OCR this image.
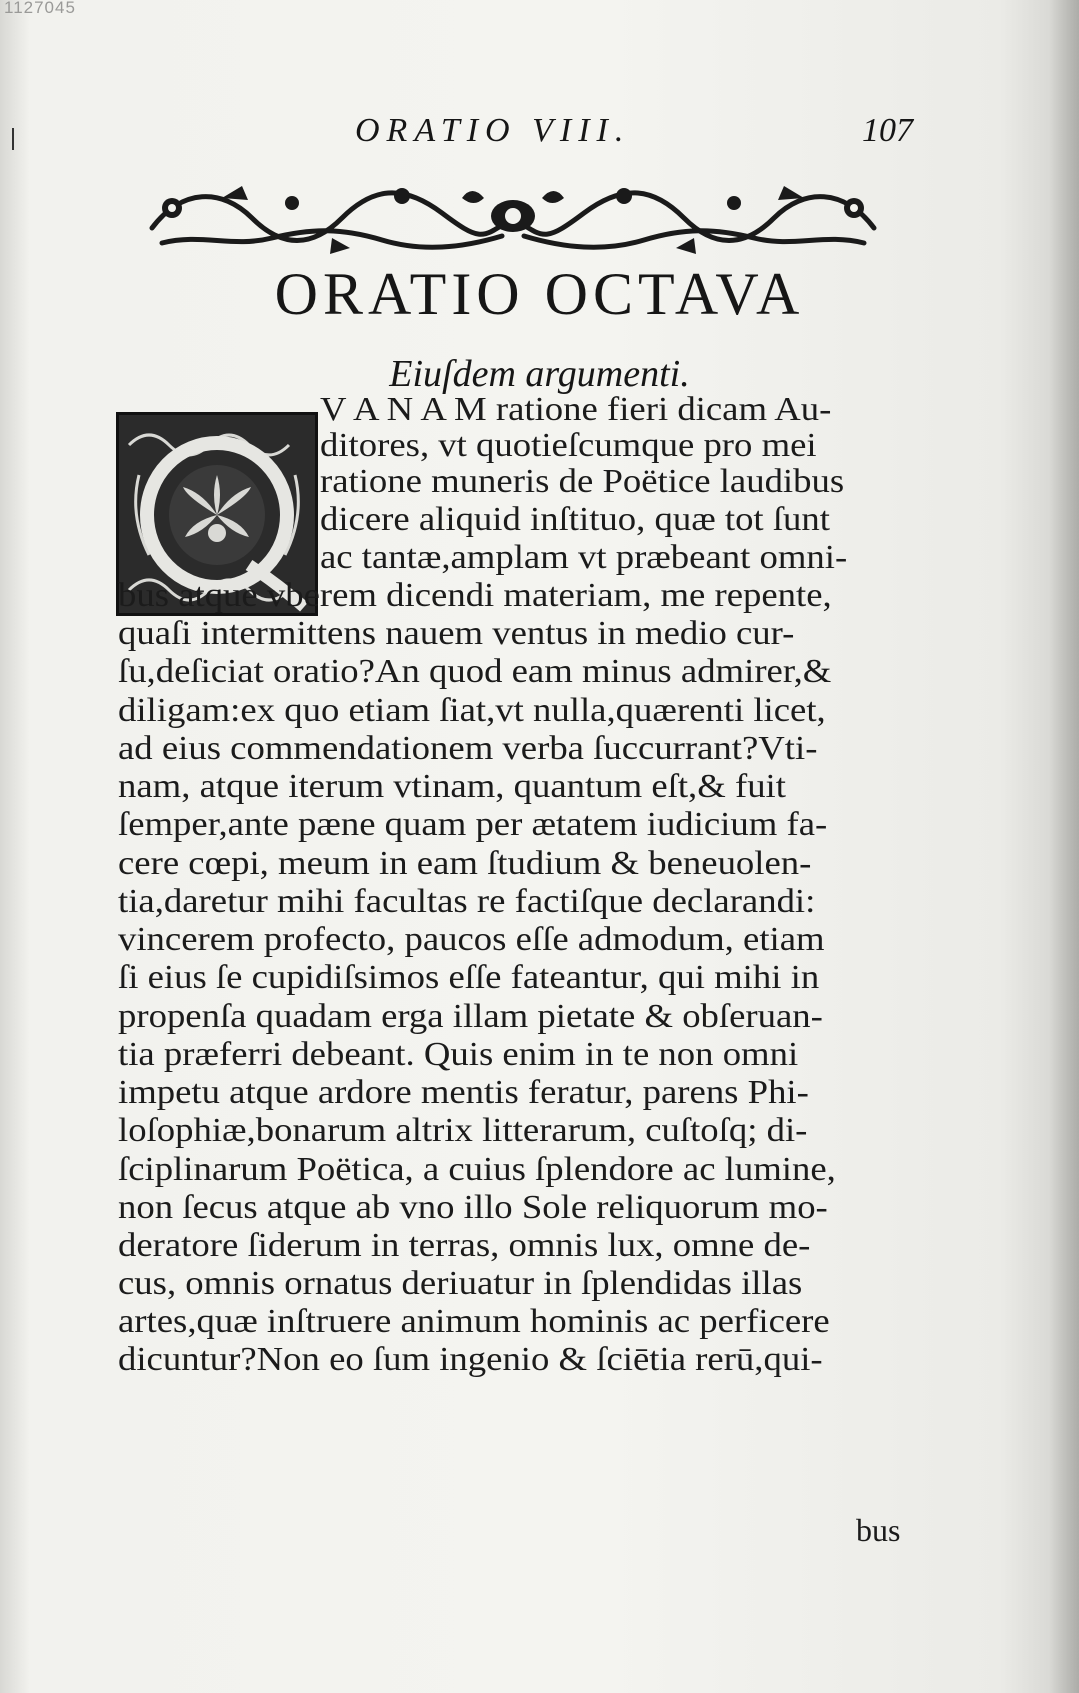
1127045

ORATIO VIII.	107
ORATIO OCTAVA
Eiuſdem argumenti.
V A N A M ratione fieri dicam Au-
ditores, vt quotieſcumque pro mei
ratione muneris de Poëtice laudibus
dicere aliquid inſtituo, quæ tot ſunt
ac tantæ,amplam vt præbeant omni-
bus atque vberem dicendi materiam, me repente,
quaſi intermittens nauem ventus in medio cur-
ſu,deſiciat oratio?An quod eam minus admirer,&
diligam:ex quo etiam ſiat,vt nulla,quærenti licet,
ad eius commendationem verba ſuccurrant?Vti-
nam, atque iterum vtinam, quantum eſt,& fuit
ſemper,ante pæne quam per ætatem iudicium fa-
cere cœpi, meum in eam ſtudium & beneuolen-
tia,daretur mihi facultas re factiſque declarandi:
vincerem profecto, paucos eſſe admodum, etiam
ſi eius ſe cupidiſsimos eſſe fateantur, qui mihi in
propenſa quadam erga illam pietate & obſeruan-
tia præferri debeant. Quis enim in te non omni
impetu atque ardore mentis feratur, parens Phi-
loſophiæ,bonarum altrix litterarum, cuſtoſq; di-
ſciplinarum Poëtica, a cuius ſplendore ac lumine,
non ſecus atque ab vno illo Sole reliquorum mo-
deratore ſiderum in terras, omnis lux, omne de-
cus, omnis ornatus deriuatur in ſplendidas illas
artes,quæ inſtruere animum hominis ac perficere
dicuntur?Non eo ſum ingenio & ſciētia rerū,qui-
bus
